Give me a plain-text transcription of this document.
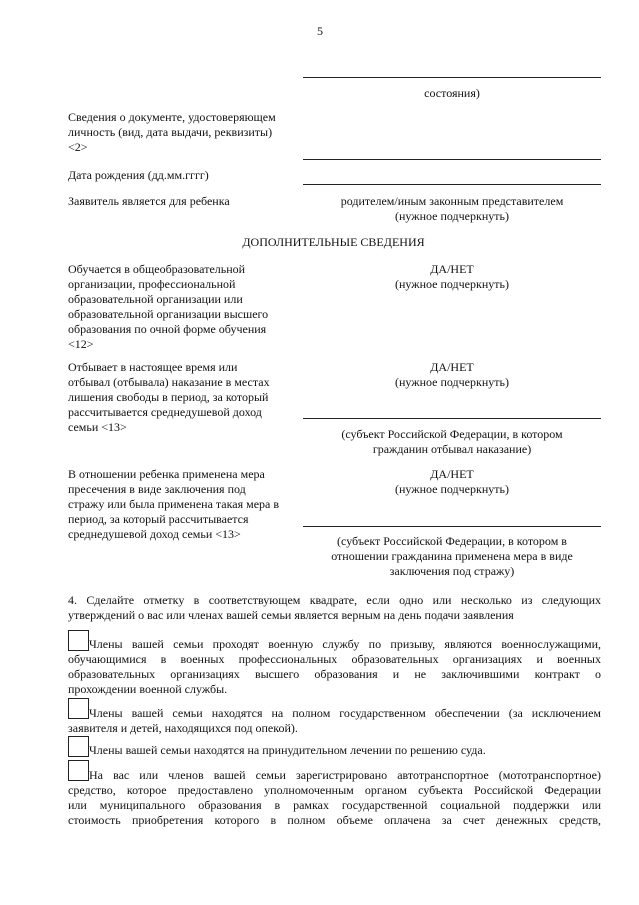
5
состояния)
Сведения о документе, удостоверяющем
личность (вид, дата выдачи, реквизиты)
<2>
Дата рождения (дд.мм.гггг)
Заявитель является для ребенка	родителем/иным законным представителем
(нужное подчеркнуть)
ДОПОЛНИТЕЛЬНЫЕ СВЕДЕНИЯ
Обучается в общеобразовательной
организации, профессиональной
образовательной организации или
образовательной организации высшего
образования по очной форме обучения
<12>
ДА/НЕТ
(нужное подчеркнуть)
Отбывает в настоящее время или
отбывал (отбывала) наказание в местах
лишения свободы в период, за который
рассчитывается среднедушевой доход
семьи <13>
ДА/НЕТ
(нужное подчеркнуть)
(субъект Российской Федерации, в котором
гражданин отбывал наказание)
В отношении ребенка применена мера
пресечения в виде заключения под
стражу или была применена такая мера в
период, за который рассчитывается
среднедушевой доход семьи <13>
ДА/НЕТ
(нужное подчеркнуть)
(субъект Российской Федерации, в котором в
отношении гражданина применена мера в виде
заключения под стражу)
4. Сделайте отметку в соответствующем квадрате, если одно или несколько из следующих
утверждений о вас или членах вашей семьи является верным на день подачи заявления
Члены вашей семьи проходят военную службу по призыву, являются военнослужащими,
обучающимися в военных профессиональных образовательных организациях и военных
образовательных организациях высшего образования и не заключившими контракт о
прохождении военной службы.
Члены вашей семьи находятся на полном государственном обеспечении (за исключением
заявителя и детей, находящихся под опекой).
Члены вашей семьи находятся на принудительном лечении по решению суда.
На вас или членов вашей семьи зарегистрировано автотранспортное (мототранспортное)
средство, которое предоставлено уполномоченным органом субъекта Российской Федерации
или муниципального образования в рамках государственной социальной поддержки или
стоимость приобретения которого в полном объеме оплачена за счет денежных средств,
